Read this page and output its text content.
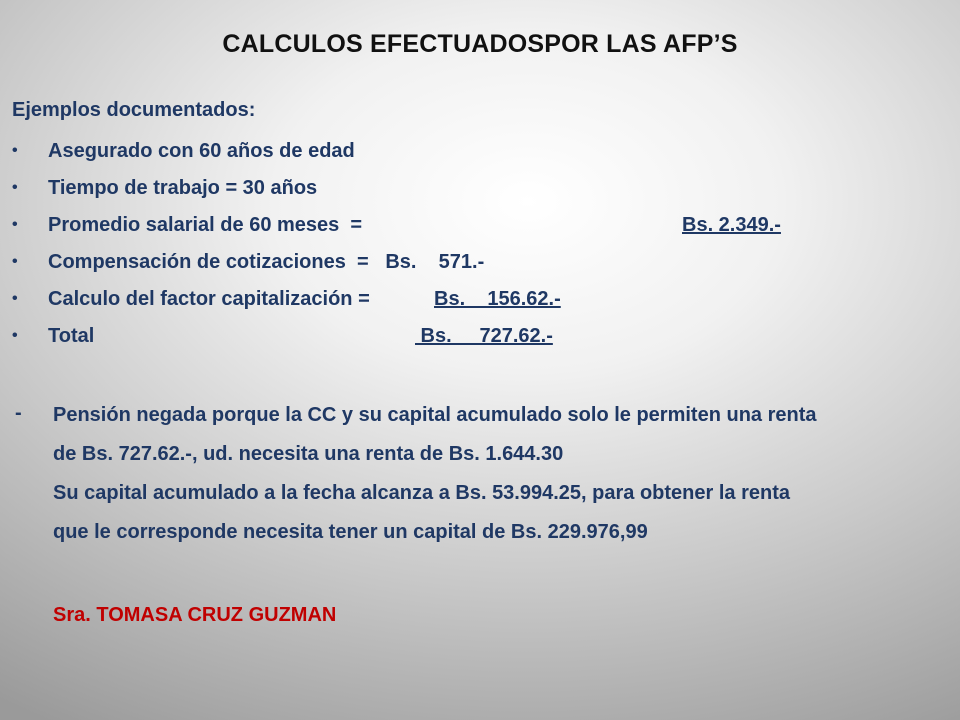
CALCULOS EFECTUADOSPOR LAS AFP’S
Ejemplos documentados:
• Asegurado con 60 años de edad
• Tiempo de trabajo = 30 años
• Promedio salarial de 60 meses  =	Bs. 2.349.-
• Compensación de cotizaciones  =   Bs.    571.-
• Calculo del factor capitalización =	Bs.    156.62.-
• Total	Bs.     727.62.-
- Pensión negada porque la CC y su capital acumulado solo le permiten una renta
de Bs. 727.62.-, ud. necesita una renta de Bs. 1.644.30
Su capital acumulado a la fecha alcanza a Bs. 53.994.25, para obtener la renta
que le corresponde necesita tener un capital de Bs. 229.976,99
Sra. TOMASA CRUZ GUZMAN
